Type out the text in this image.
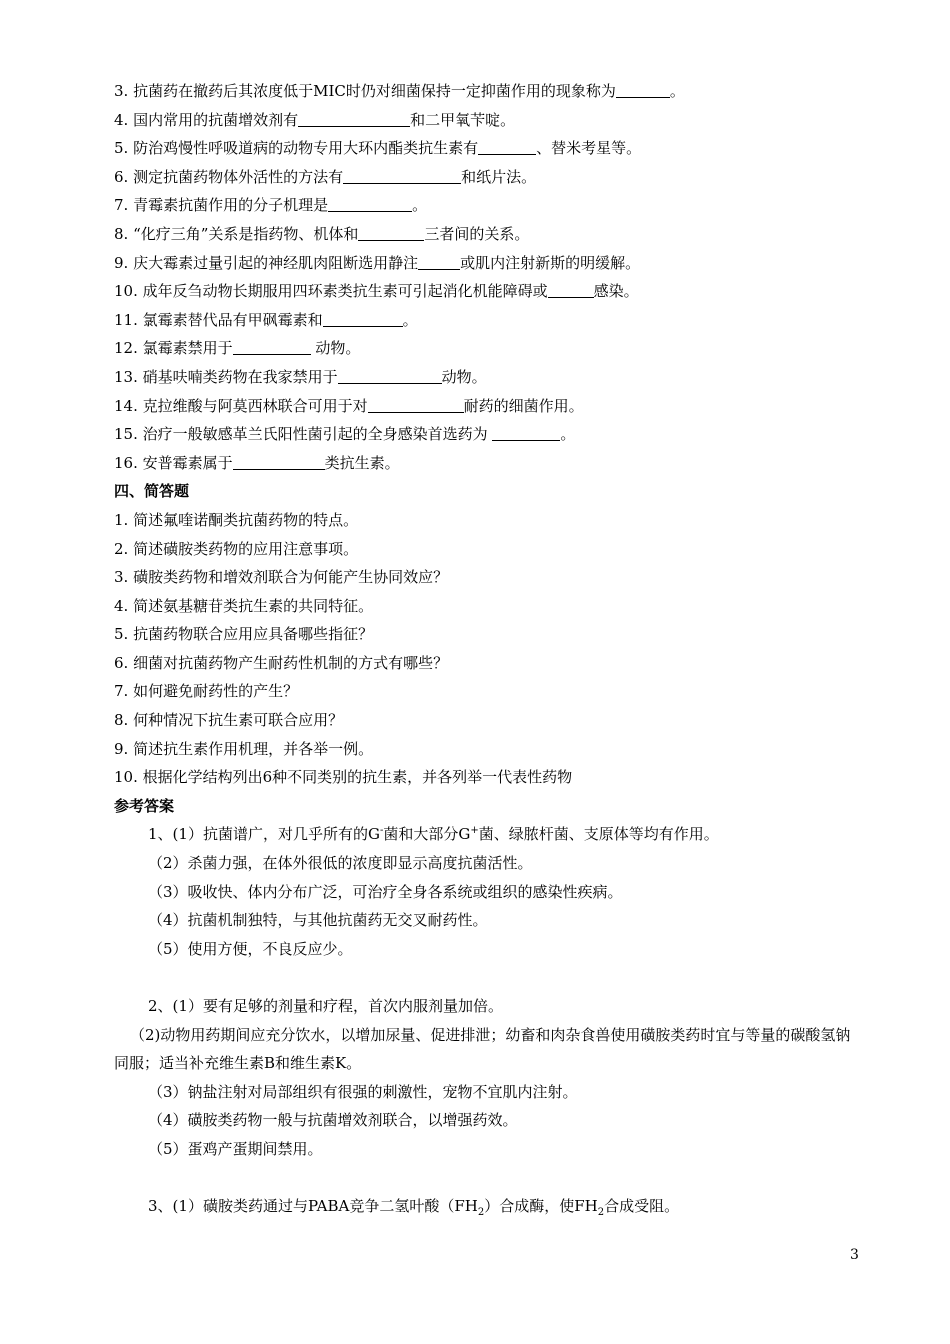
3. 抗菌药在撤药后其浓度低于MIC时仍对细菌保持一定抑菌作用的现象称为	。
4. 国内常用的抗菌增效剂有	和二甲氧苄啶。
5. 防治鸡慢性呼吸道病的动物专用大环内酯类抗生素有	、替米考星等。
6. 测定抗菌药物体外活性的方法有	和纸片法。
7. 青霉素抗菌作用的分子机理是	。
8. “化疗三角”关系是指药物、机体和	三者间的关系。
9. 庆大霉素过量引起的神经肌肉阻断选用静注	或肌内注射新斯的明缓解。
10. 成年反刍动物长期服用四环素类抗生素可引起消化机能障碍或	感染。
11. 氯霉素替代品有甲砜霉素和	。
12. 氯霉素禁用于	动物。
13. 硝基呋喃类药物在我家禁用于	动物。
14. 克拉维酸与阿莫西林联合可用于对	耐药的细菌作用。
15. 治疗一般敏感革兰氏阳性菌引起的全身感染首选药为	。
16. 安普霉素属于	类抗生素。
四、简答题
1. 简述氟喹诺酮类抗菌药物的特点。
2. 简述磺胺类药物的应用注意事项。
3. 磺胺类药物和增效剂联合为何能产生协同效应？
4. 简述氨基糖苷类抗生素的共同特征。
5. 抗菌药物联合应用应具备哪些指征？
6. 细菌对抗菌药物产生耐药性机制的方式有哪些？
7. 如何避免耐药性的产生？
8. 何种情况下抗生素可联合应用？
9. 简述抗生素作用机理，并各举一例。
10. 根据化学结构列出6种不同类别的抗生素，并各列举一代表性药物
参考答案
1、(1）抗菌谱广，对几乎所有的G-菌和大部分G+菌、绿脓杆菌、支原体等均有作用。
（2）杀菌力强，在体外很低的浓度即显示高度抗菌活性。
（3）吸收快、体内分布广泛，可治疗全身各系统或组织的感染性疾病。
（4）抗菌机制独特，与其他抗菌药无交叉耐药性。
（5）使用方便，不良反应少。
2、(1）要有足够的剂量和疗程，首次内服剂量加倍。
（2)动物用药期间应充分饮水，以增加尿量、促进排泄；幼畜和肉杂食兽使用磺胺类药时宜与等量的碳酸氢钠同服；适当补充维生素B和维生素K。
（3）钠盐注射对局部组织有很强的刺激性，宠物不宜肌内注射。
（4）磺胺类药物一般与抗菌增效剂联合，以增强药效。
（5）蛋鸡产蛋期间禁用。
3、(1）磺胺类药通过与PABA竞争二氢叶酸$(FH_2)$合成酶，使$FH_2$合成受阻。
3
